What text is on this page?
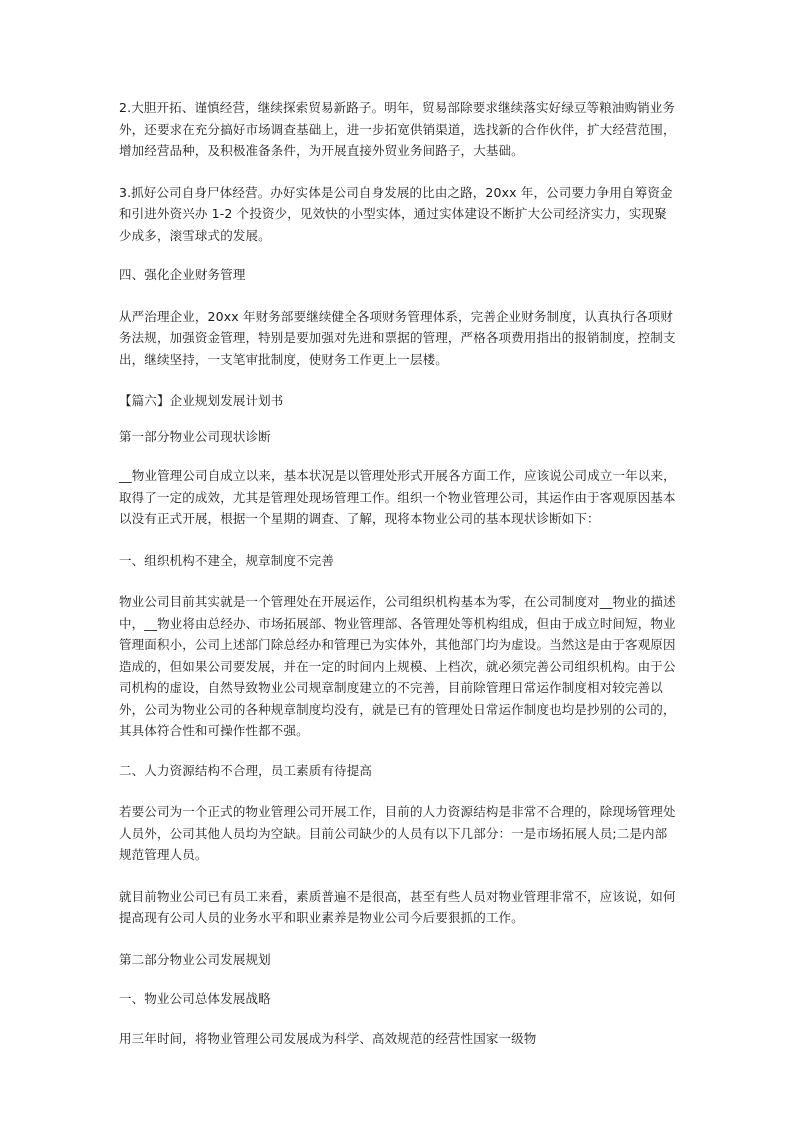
2.大胆开拓、谨慎经营，继续探索贸易新路子。明年，贸易部除要求继续落实好绿豆等粮油购销业务外，还要求在充分搞好市场调查基础上，进一步拓宽供销渠道，选找新的合作伙伴，扩大经营范围，增加经营品种，及积极准备条件，为开展直接外贸业务间路子，大基础。

3.抓好公司自身尸体经营。办好实体是公司自身发展的比由之路，20xx 年，公司要力争用自筹资金和引进外资兴办 1-2 个投资少，见效快的小型实体，通过实体建设不断扩大公司经济实力，实现聚少成多，滚雪球式的发展。

四、强化企业财务管理

从严治理企业，20xx 年财务部要继续健全各项财务管理体系，完善企业财务制度，认真执行各项财务法规，加强资金管理，特别是要加强对先进和票据的管理，严格各项费用指出的报销制度，控制支出，继续坚持，一支笔审批制度，使财务工作更上一层楼。

【篇六】企业规划发展计划书

第一部分物业公司现状诊断

__物业管理公司自成立以来，基本状况是以管理处形式开展各方面工作，应该说公司成立一年以来，取得了一定的成效，尤其是管理处现场管理工作。组织一个物业管理公司，其运作由于客观原因基本以没有正式开展，根据一个星期的调查、了解，现将本物业公司的基本现状诊断如下：

一、组织机构不建全，规章制度不完善

物业公司目前其实就是一个管理处在开展运作，公司组织机构基本为零，在公司制度对__物业的描述中，__物业将由总经办、市场拓展部、物业管理部、各管理处等机构组成，但由于成立时间短，物业管理面积小，公司上述部门除总经办和管理已为实体外，其他部门均为虚设。当然这是由于客观原因造成的，但如果公司要发展，并在一定的时间内上规模、上档次，就必须完善公司组织机构。由于公司机构的虚设，自然导致物业公司规章制度建立的不完善，目前除管理日常运作制度相对较完善以外，公司为物业公司的各种规章制度均没有，就是已有的管理处日常运作制度也均是抄别的公司的，其具体符合性和可操作性都不强。

二、人力资源结构不合理，员工素质有待提高

若要公司为一个正式的物业管理公司开展工作，目前的人力资源结构是非常不合理的，除现场管理处人员外，公司其他人员均为空缺。目前公司缺少的人员有以下几部分：一是市场拓展人员;二是内部规范管理人员。

就目前物业公司已有员工来看，素质普遍不是很高，甚至有些人员对物业管理非常不，应该说，如何提高现有公司人员的业务水平和职业素养是物业公司今后要狠抓的工作。

第二部分物业公司发展规划

一、物业公司总体发展战略

用三年时间，将物业管理公司发展成为科学、高效规范的经营性国家一级物
